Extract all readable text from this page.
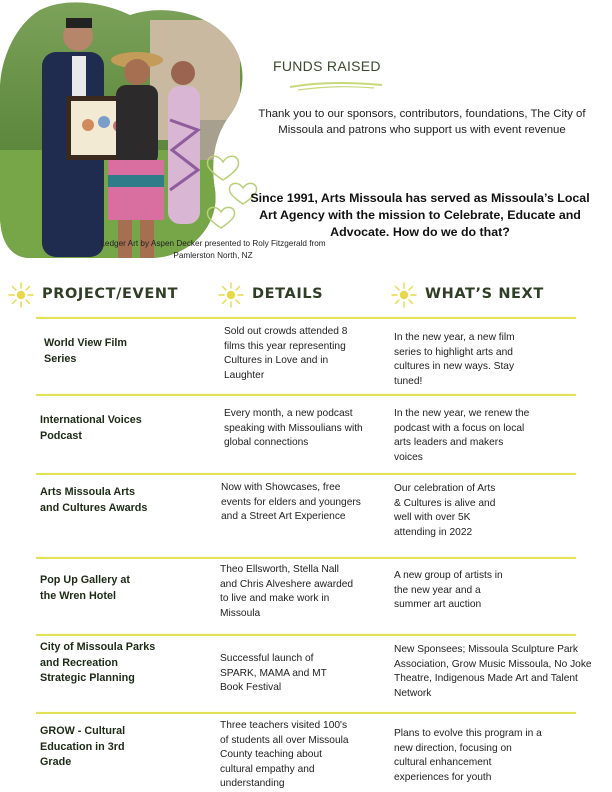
Ledger Art by Aspen Decker presented to Roly Fitzgerald from Pamlerston North, NZ
FUNDS RAISED
Thank you to our sponsors, contributors, foundations, The City of Missoula and patrons who support us with event revenue
Since 1991, Arts Missoula has served as Missoula’s Local Art Agency with the mission to Celebrate, Educate and Advocate. How do we do that?
PROJECT/EVENT	DETAILS	WHAT’S NEXT
World View Film Series
Sold out crowds attended 8 films this year representing Cultures in Love and in Laughter
In the new year, a new film series to highlight arts and cultures in new ways. Stay tuned!
International Voices Podcast
Every month, a new podcast speaking with Missoulians with global connections
In the new year, we renew the podcast with a focus on local arts leaders and makers voices
Arts Missoula Arts and Cultures Awards
Now with Showcases, free events for elders and youngers and a Street Art Experience
Our celebration of Arts & Cultures is alive and well with over 5K attending in 2022
Pop Up Gallery at the Wren Hotel
Theo Ellsworth, Stella Nall and Chris Alveshere awarded to live and make work in Missoula
A new group of artists in the new year and a summer art auction
City of Missoula Parks and Recreation Strategic Planning
Successful launch of SPARK, MAMA and MT Book Festival
New Sponsees; Missoula Sculpture Park Association, Grow Music Missoula, No Joke Theatre, Indigenous Made Art and Talent Network
GROW - Cultural Education in 3rd Grade
Three teachers visited 100's of students all over Missoula County teaching about cultural empathy and understanding
Plans to evolve this program in a new direction, focusing on cultural enhancement experiences for youth
